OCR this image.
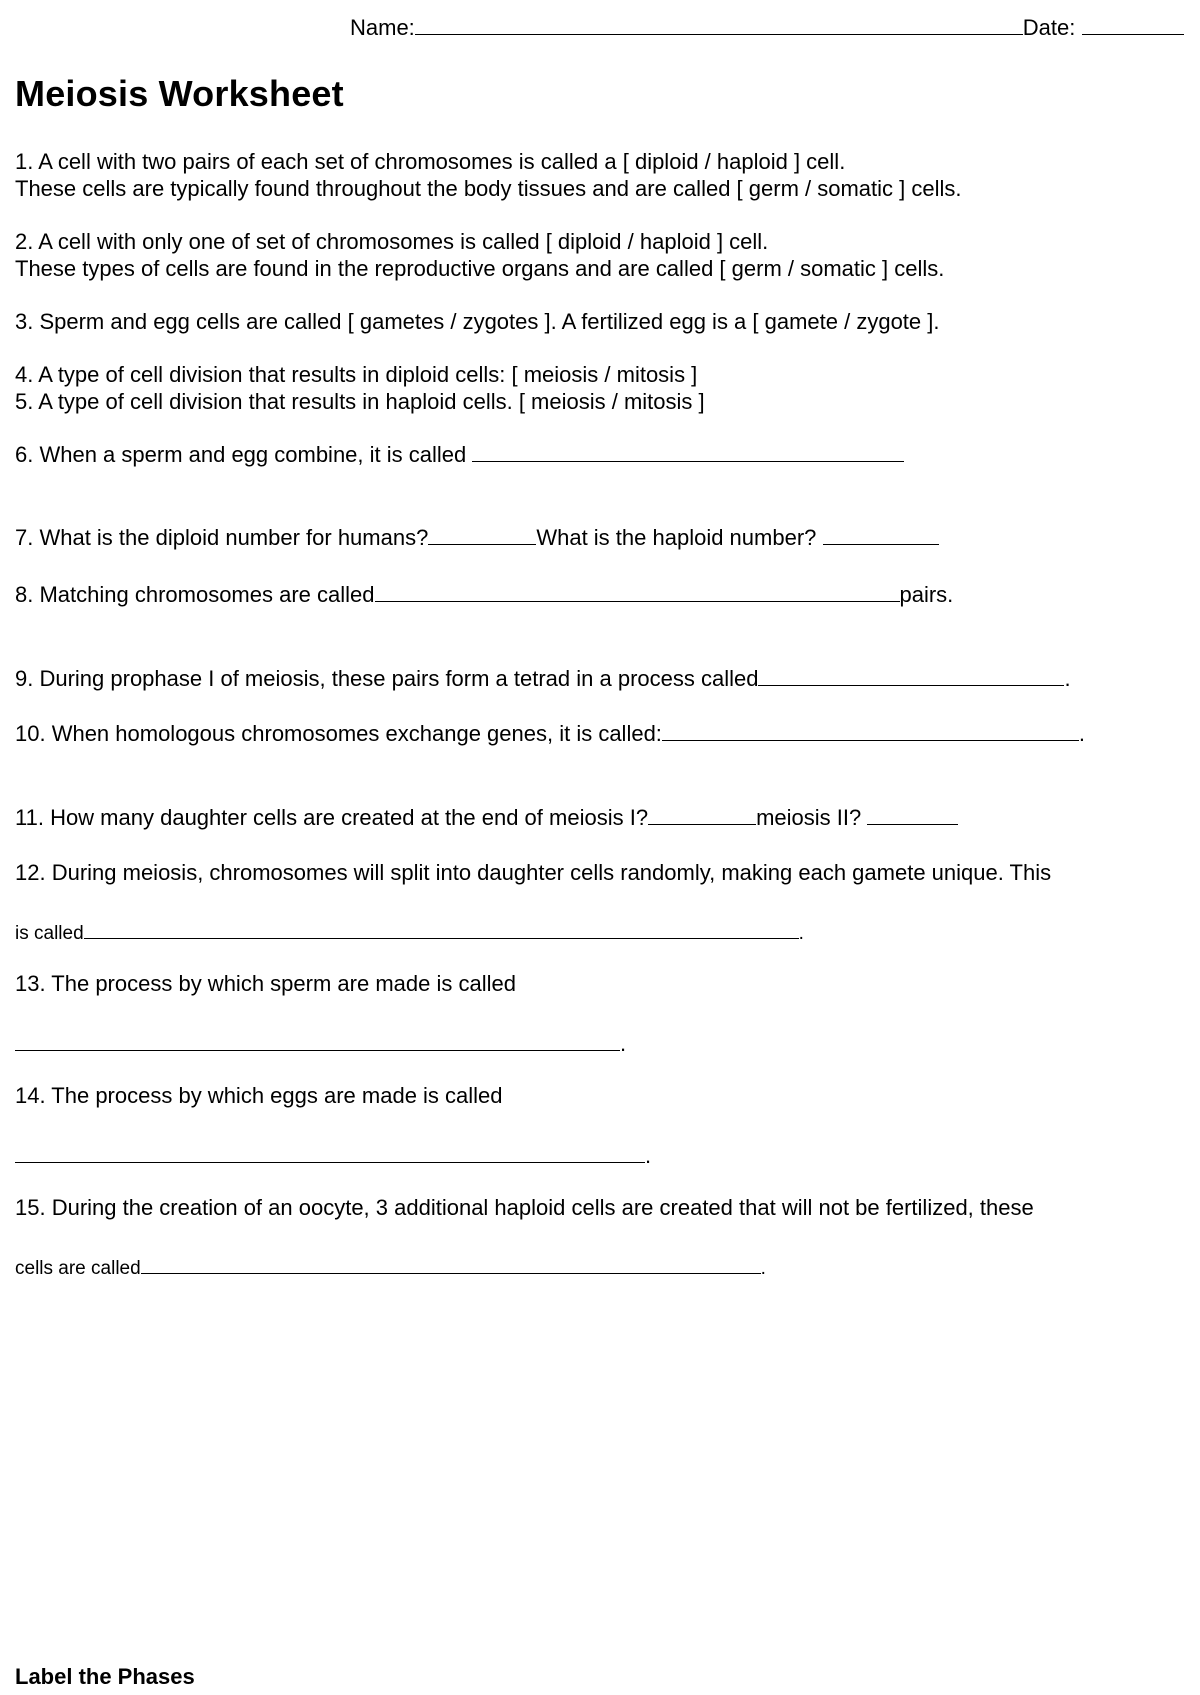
Name:	Date:
Meiosis Worksheet
1. A cell with two pairs of each set of chromosomes is called a [ diploid / haploid ] cell.
These cells are typically found throughout the body tissues and are called [ germ / somatic ] cells.
2. A cell with only one of set of chromosomes is called [ diploid / haploid ] cell.
These types of cells are found in the reproductive organs and are called [ germ / somatic ] cells.
3. Sperm and egg cells are called [ gametes / zygotes ]. A fertilized egg is a [ gamete / zygote ].
4. A type of cell division that results in diploid cells: [ meiosis / mitosis ]
5. A type of cell division that results in haploid cells. [ meiosis / mitosis ]
6. When a sperm and egg combine, it is called
7. What is the diploid number for humans?	What is the haploid number?
8. Matching chromosomes are called	pairs.
9. During prophase I of meiosis, these pairs form a tetrad in a process called	.
10. When homologous chromosomes exchange genes, it is called:	.
11. How many daughter cells are created at the end of meiosis I?	meiosis II?
12. During meiosis, chromosomes will split into daughter cells randomly, making each gamete unique. This
is called	.
13. The process by which sperm are made is called
.
14. The process by which eggs are made is called
.
15. During the creation of an oocyte, 3 additional haploid cells are created that will not be fertilized, these
cells are called	.
Label the Phases
